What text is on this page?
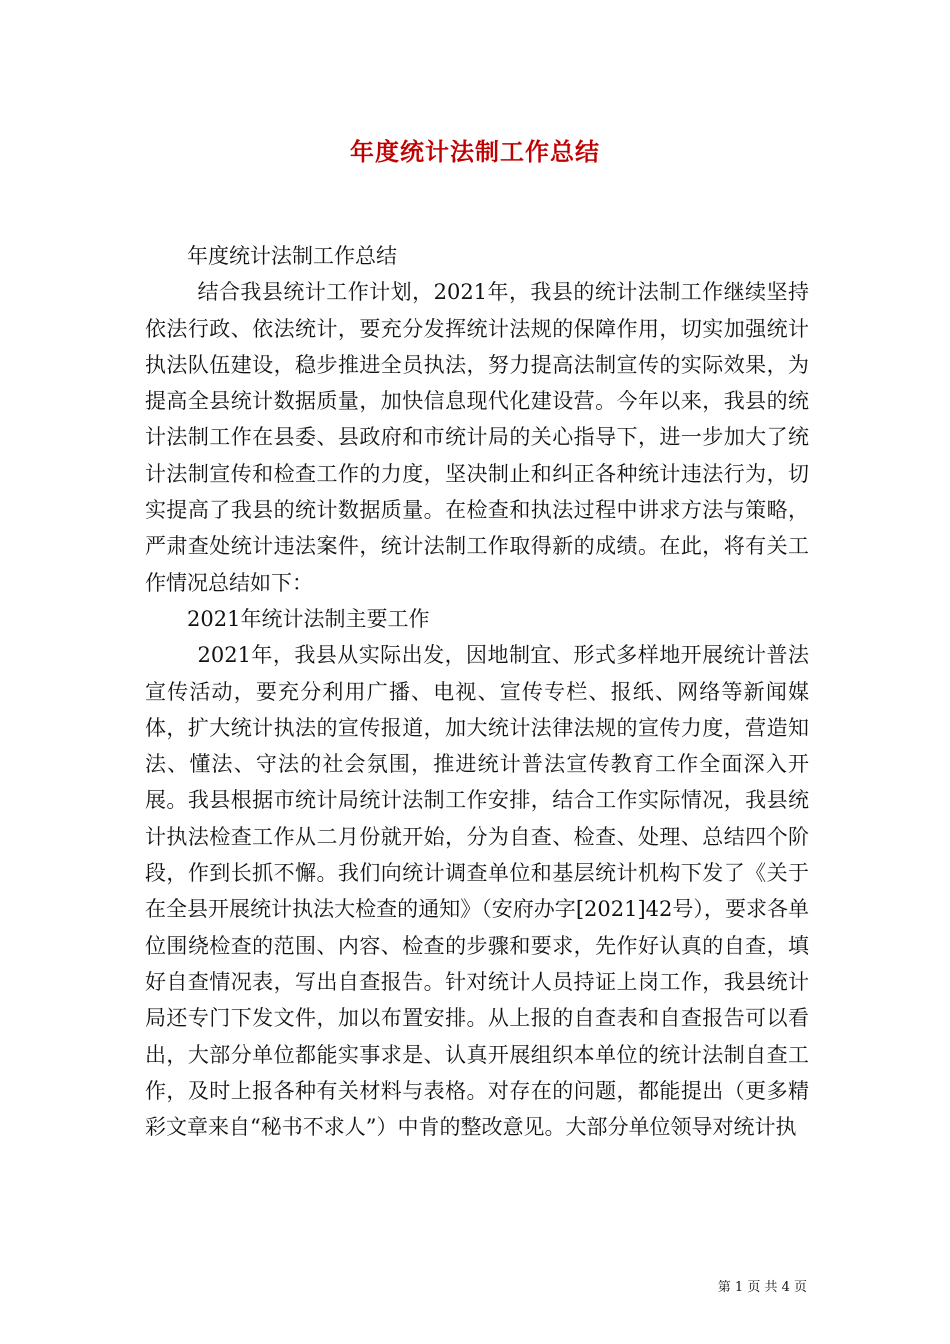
年度统计法制工作总结

年度统计法制工作总结

结合我县统计工作计划，2021年，我县的统计法制工作继续坚持依法行政、依法统计，要充分发挥统计法规的保障作用，切实加强统计执法队伍建设，稳步推进全员执法，努力提高法制宣传的实际效果，为提高全县统计数据质量，加快信息现代化建设营。今年以来，我县的统计法制工作在县委、县政府和市统计局的关心指导下，进一步加大了统计法制宣传和检查工作的力度，坚决制止和纠正各种统计违法行为，切实提高了我县的统计数据质量。在检查和执法过程中讲求方法与策略，严肃查处统计违法案件，统计法制工作取得新的成绩。在此，将有关工作情况总结如下：

2021年统计法制主要工作

2021年，我县从实际出发，因地制宜、形式多样地开展统计普法宣传活动，要充分利用广播、电视、宣传专栏、报纸、网络等新闻媒体，扩大统计执法的宣传报道，加大统计法律法规的宣传力度，营造知法、懂法、守法的社会氛围，推进统计普法宣传教育工作全面深入开展。我县根据市统计局统计法制工作安排，结合工作实际情况，我县统计执法检查工作从二月份就开始，分为自查、检查、处理、总结四个阶段，作到长抓不懈。我们向统计调查单位和基层统计机构下发了《关于在全县开展统计执法大检查的通知》（安府办字[2021]42号），要求各单位围绕检查的范围、内容、检查的步骤和要求，先作好认真的自查，填好自查情况表，写出自查报告。针对统计人员持证上岗工作，我县统计局还专门下发文件，加以布置安排。从上报的自查表和自查报告可以看出，大部分单位都能实事求是、认真开展组织本单位的统计法制自查工作，及时上报各种有关材料与表格。对存在的问题，都能提出（更多精彩文章来自“秘书不求人”）中肯的整改意见。大部分单位领导对统计执

第 1 页 共 4 页
